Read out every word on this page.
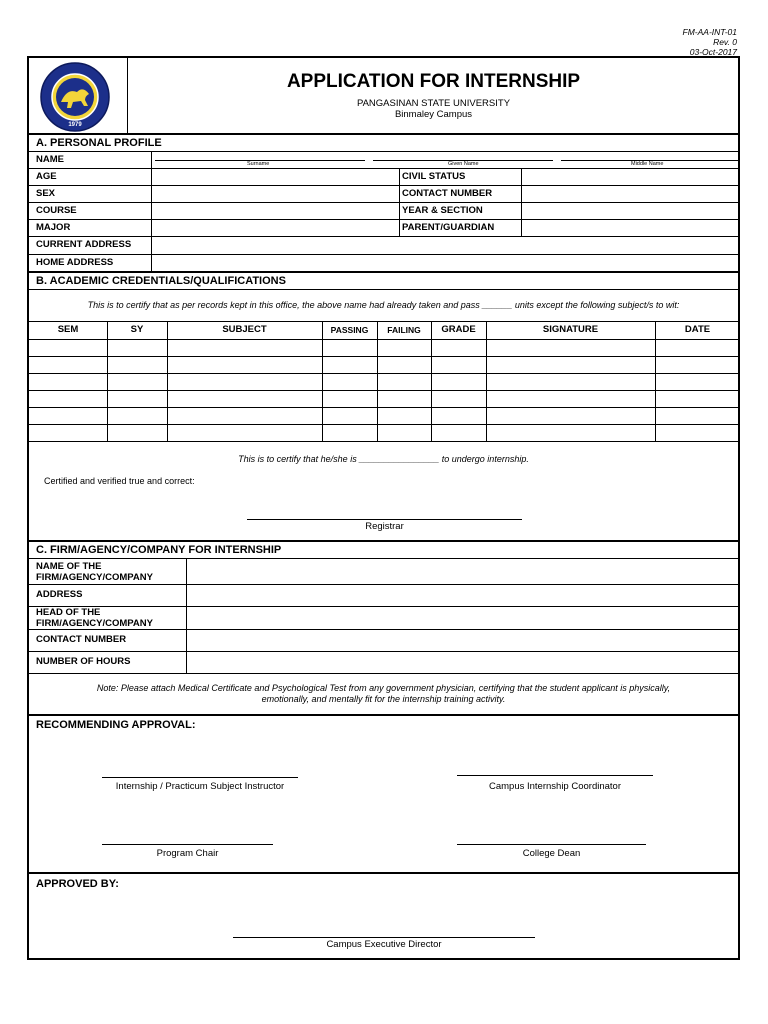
FM-AA-INT-01
Rev. 0
03-Oct-2017
1979
APPLICATION FOR INTERNSHIP
PANGASINAN STATE UNIVERSITY
Binmaley Campus
A. PERSONAL PROFILE
NAME	Surname	Given Name	Middle Name
AGE	CIVIL STATUS
SEX	CONTACT NUMBER
COURSE	YEAR & SECTION
MAJOR	PARENT/GUARDIAN
CURRENT ADDRESS
HOME ADDRESS
B. ACADEMIC CREDENTIALS/QUALIFICATIONS
This is to certify that as per records kept in this office, the above name had already taken and pass ______ units except the following subject/s to wit:
SEM	SY	SUBJECT	PASSING	FAILING	GRADE	SIGNATURE	DATE
This is to certify that he/she is ________________ to undergo internship.
Certified and verified true and correct:
Registrar
C. FIRM/AGENCY/COMPANY FOR INTERNSHIP
NAME OF THE
FIRM/AGENCY/COMPANY
ADDRESS
HEAD OF THE
FIRM/AGENCY/COMPANY
CONTACT NUMBER
NUMBER OF HOURS
Note: Please attach Medical Certificate and Psychological Test from any government physician, certifying that the student applicant is physically,
emotionally, and mentally fit for the internship training activity.
RECOMMENDING APPROVAL:
Internship / Practicum Subject Instructor	Campus Internship Coordinator
Program Chair	College Dean
APPROVED BY:
Campus Executive Director
